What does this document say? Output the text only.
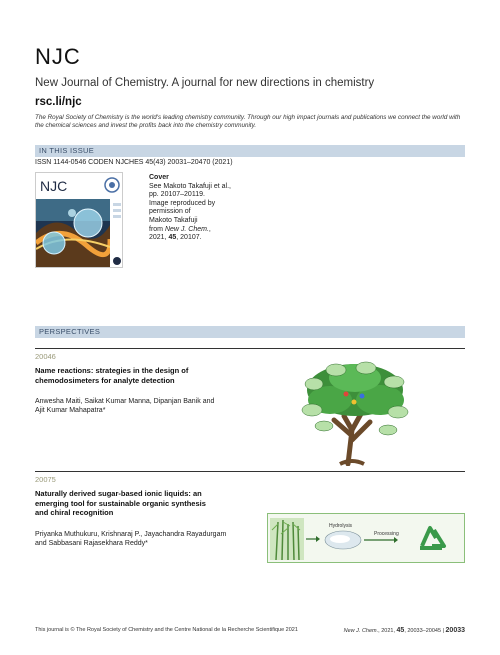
NJC
New Journal of Chemistry. A journal for new directions in chemistry
rsc.li/njc
The Royal Society of Chemistry is the world's leading chemistry community. Through our high impact journals and publications we connect the world with the chemical sciences and invest the profits back into the chemistry community.
IN THIS ISSUE
ISSN 1144-0546 CODEN NJCHES 45(43) 20031–20470 (2021)
NJC
Cover
See Makoto Takafuji et al.,
pp. 20107–20119.
Image reproduced by
permission of
Makoto Takafuji
from New J. Chem.,
2021, 45, 20107.
PERSPECTIVES
20046
Name reactions: strategies in the design of
chemodosimeters for analyte detection
Anwesha Maiti, Saikat Kumar Manna, Dipanjan Banik and
Ajit Kumar Mahapatra*
20075
Naturally derived sugar-based ionic liquids: an
emerging tool for sustainable organic synthesis
and chiral recognition
Priyanka Muthukuru, Krishnaraj P., Jayachandra Rayadurgam
and Sabbasani Rajasekhara Reddy*
Hydrolysis
Processing
This journal is © The Royal Society of Chemistry and the Centre National de la Recherche Scientifique 2021	New J. Chem., 2021, 45, 20033–20045 | 20033
